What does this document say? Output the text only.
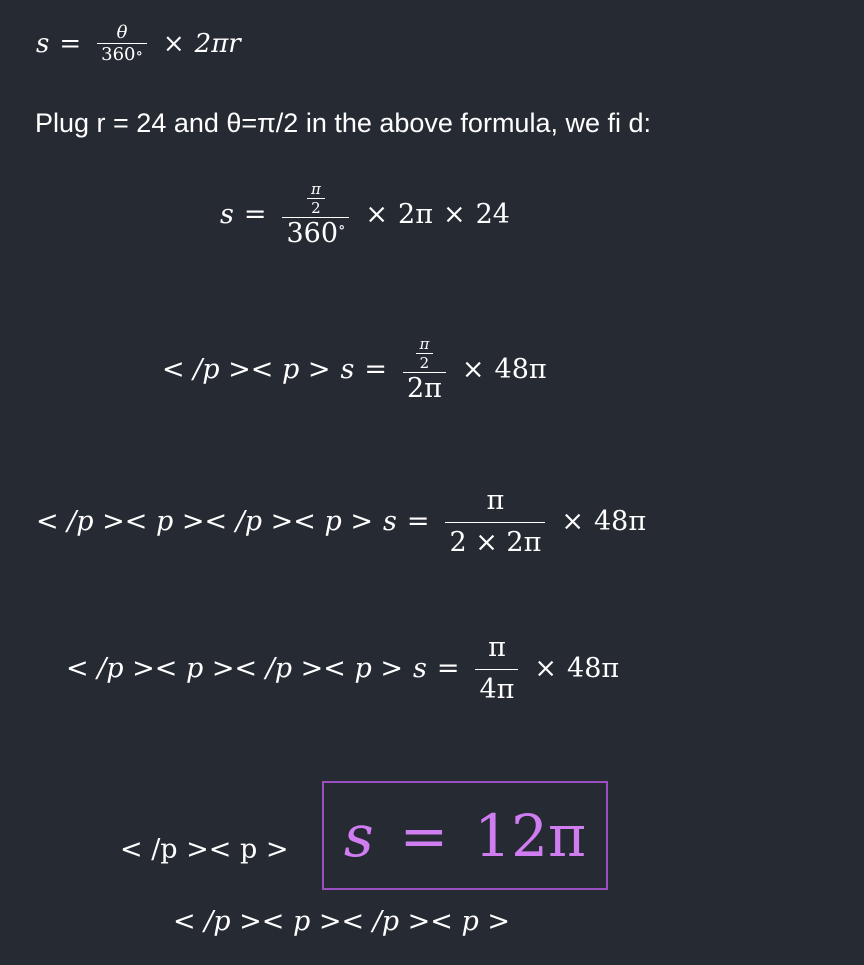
$s = \frac{\theta}{360 \circ} \times 2\pi r$
Plug r = 24 and θ=π/2 in the above formula, we fi d:
s =	$\frac{\frac{\pi}{2}}{360 \circ} \times 2\pi \times 24$
< /p >< p > s =	$\frac{\frac{\pi}{2}}{2\pi} \times 48\pi$
< $/p >< p >< /p >< p > s = \frac{\pi}{2 \times 2\pi} \times 48\pi$
< $/p >< p >< /p >< p > s = \frac{\pi}{4\pi} \times 48\pi$
< /p >< p > s = 12π
< /p >< p >< /p >< p >
